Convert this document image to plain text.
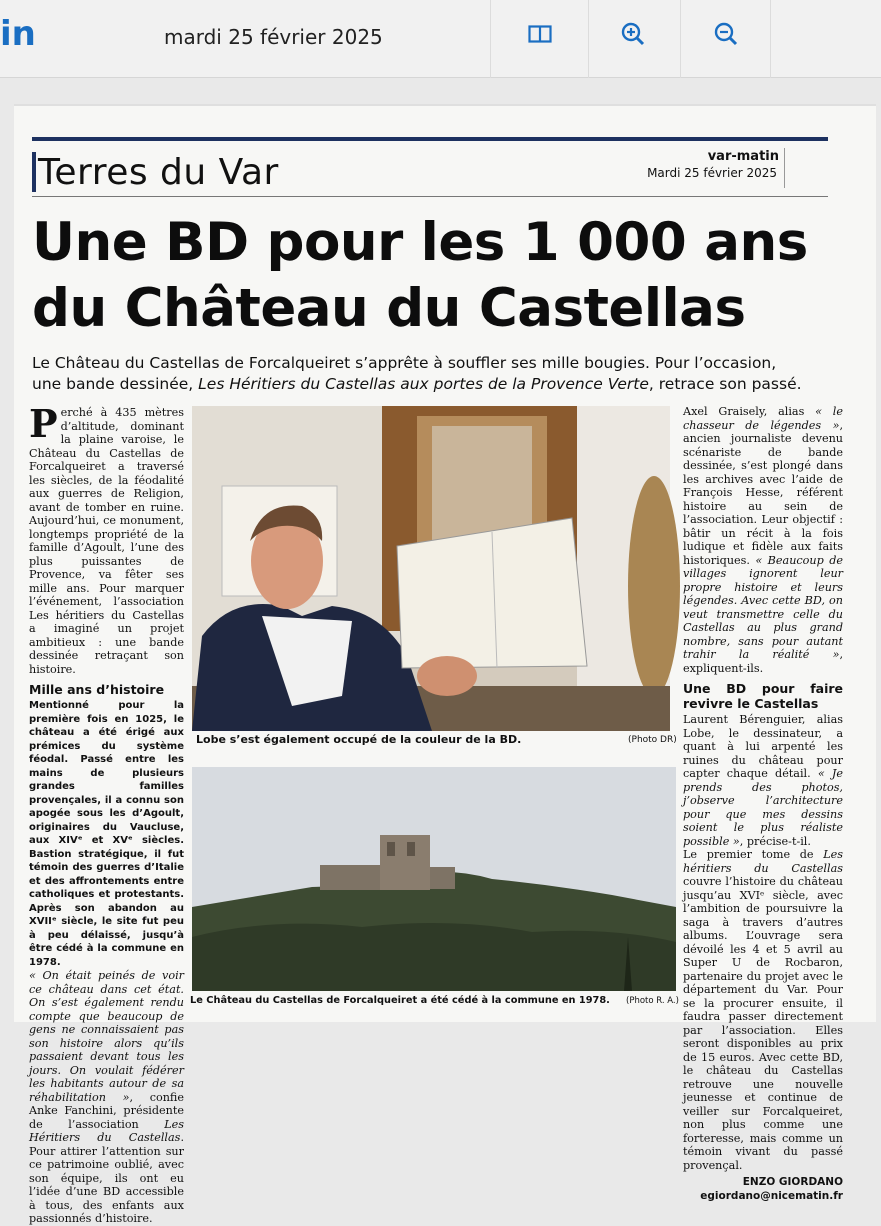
in	mardi 25 février 2025
Terres du Var	var-matin
Mardi 25 février 2025
Une BD pour les 1 000 ans
du Château du Castellas
Le Château du Castellas de Forcalqueiret s’apprête à souffler ses mille bougies. Pour l’occasion,
une bande dessinée, Les Héritiers du Castellas aux portes de la Provence Verte, retrace son passé.

Perché à 435 mètres d’altitude, dominant la plaine varoise, le Château du Castellas de Forcalqueiret a traversé les siècles, de la féodalité aux guerres de Religion, avant de tomber en ruine. Aujourd’hui, ce monument, longtemps propriété de la famille d’Agoult, l’une des plus puissantes de Provence, va fêter ses mille ans. Pour marquer l’événement, l’association Les héritiers du Castellas a imaginé un projet ambitieux : une bande dessinée retraçant son histoire.

Mille ans d’histoire

Mentionné pour la première fois en 1025, le château a été érigé aux prémices du système féodal. Passé entre les mains de plusieurs grandes familles provençales, il a connu son apogée sous les d’Agoult, originaires du Vaucluse, aux XIVᵉ et XVᵉ siècles. Bastion stratégique, il fut témoin des guerres d’Italie et des affrontements entre catholiques et protestants. Après son abandon au XVIIᵉ siècle, le site fut peu à peu délaissé, jusqu’à être cédé à la commune en 1978.

« On était peinés de voir ce château dans cet état. On s’est également rendu compte que beaucoup de gens ne connaissaient pas son histoire alors qu’ils passaient devant tous les jours. On voulait fédérer les habitants autour de sa réhabilitation », confie Anke Fanchini, présidente de l’association Les Héritiers du Castellas. Pour attirer l’attention sur ce patrimoine oublié, avec son équipe, ils ont eu l’idée d’une BD accessible à tous, des enfants aux passionnés d’histoire.

Lobe s’est également occupé de la couleur de la BD.	(Photo DR)
Le Château du Castellas de Forcalqueiret a été cédé à la commune en 1978.	(Photo R. A.)

Axel Graisely, alias « le chasseur de légendes », ancien journaliste devenu scénariste de bande dessinée, s’est plongé dans les archives avec l’aide de François Hesse, référent histoire au sein de l’association. Leur objectif : bâtir un récit à la fois ludique et fidèle aux faits historiques. « Beaucoup de villages ignorent leur propre histoire et leurs légendes. Avec cette BD, on veut transmettre celle du Castellas au plus grand nombre, sans pour autant trahir la réalité », expliquent-ils.

Une BD pour faire revivre le Castellas

Laurent Bérenguier, alias Lobe, le dessinateur, a quant à lui arpenté les ruines du château pour capter chaque détail. « Je prends des photos, j’observe l’architecture pour que mes dessins soient le plus réaliste possible », précise-t-il.

Le premier tome de Les héritiers du Castellas couvre l’histoire du château jusqu’au XVIᵉ siècle, avec l’ambition de poursuivre la saga à travers d’autres albums. L’ouvrage sera dévoilé les 4 et 5 avril au Super U de Rocbaron, partenaire du projet avec le département du Var. Pour se la procurer ensuite, il faudra passer directement par l’association. Elles seront disponibles au prix de 15 euros. Avec cette BD, le château du Castellas retrouve une nouvelle jeunesse et continue de veiller sur Forcalqueiret, non plus comme une forteresse, mais comme un témoin vivant du passé provençal.

ENZO GIORDANO
egiordano@nicematin.fr
